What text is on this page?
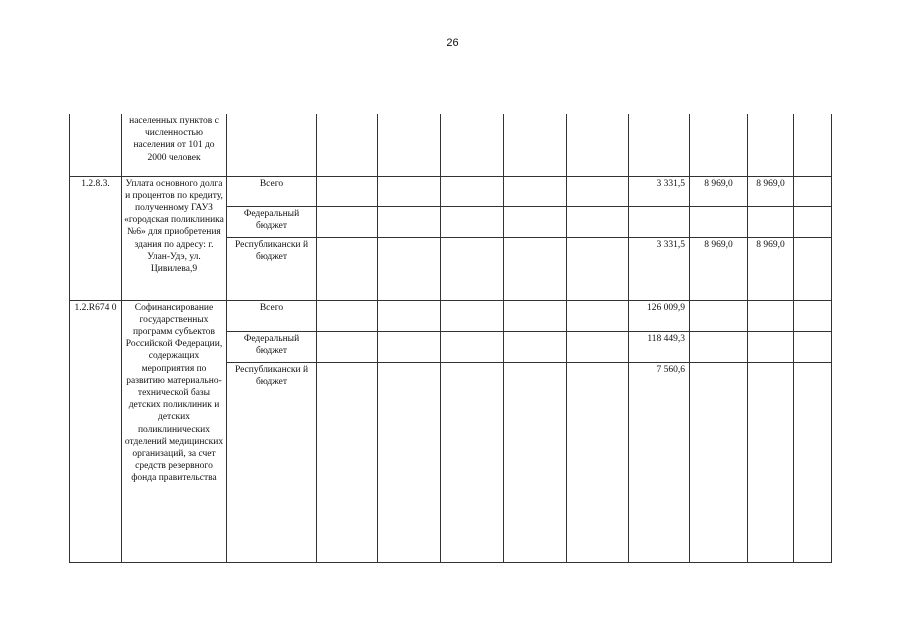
26
	населенных пунктов с численностью населения от 101 до 2000 человек										
1.2.8.3.	Уплата основного долга и процентов по кредиту, полученному ГАУЗ «городская поликлиника №6» для приобретения здания по адресу: г. Улан-Удэ, ул. Цивилева,9	Всего						3 331,5	8 969,0	8 969,0	
		Федеральный бюджет									
		Республикански й бюджет						3 331,5	8 969,0	8 969,0	
1.2.R674 0	Софинансирование государственных программ субъектов Российской Федерации, содержащих мероприятия по развитию материально-технической базы детских поликлиник и детских поликлинических отделений медицинских организаций, за счет средств резервного фонда правительства	Всего						126 009,9			
		Федеральный бюджет						118 449,3			
		Республикански й бюджет						7 560,6			
